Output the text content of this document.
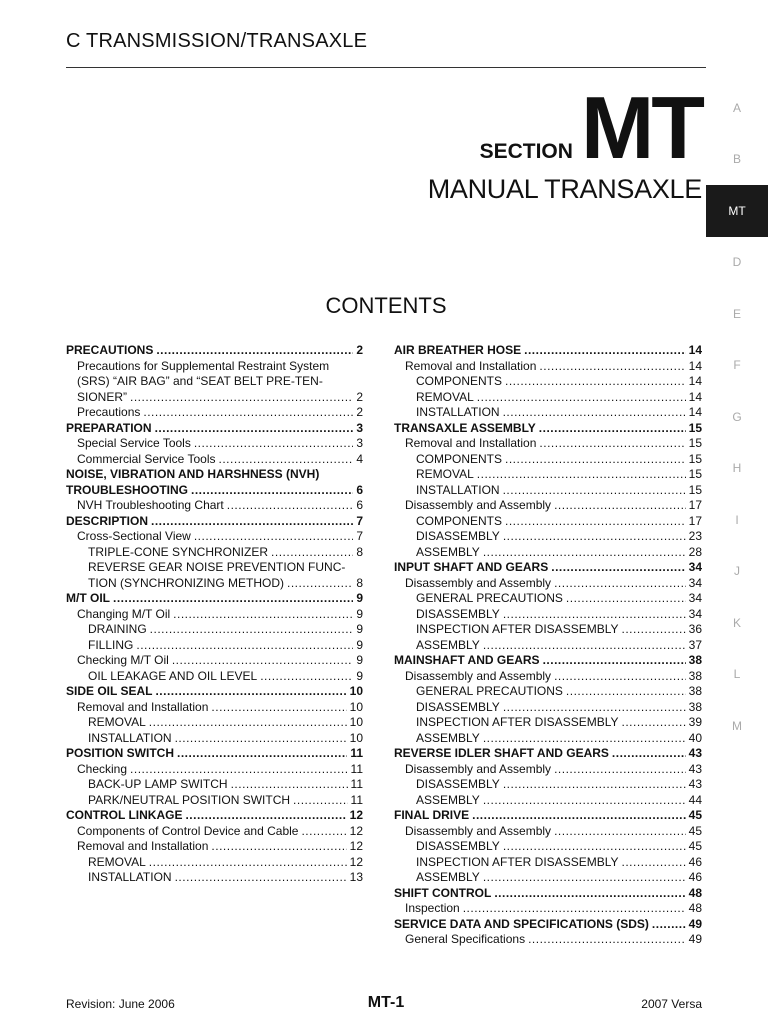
C TRANSMISSION/TRANSAXLE
SECTION MT
MANUAL TRANSAXLE
A
B
MT
D
E
F
G
H
I
J
K
L
M
CONTENTS
PRECAUTIONS .....	2
Precautions for Supplemental Restraint System
(SRS) “AIR BAG” and “SEAT BELT PRE-TEN-
SIONER” .....	2
Precautions .....	2
PREPARATION .....	3
Special Service Tools .....	3
Commercial Service Tools .....	4
NOISE, VIBRATION AND HARSHNESS (NVH)
TROUBLESHOOTING .....	6
NVH Troubleshooting Chart .....	6
DESCRIPTION .....	7
Cross-Sectional View .....	7
TRIPLE-CONE SYNCHRONIZER .....	8
REVERSE GEAR NOISE PREVENTION FUNC-
TION (SYNCHRONIZING METHOD) .....	8
M/T OIL .....	9
Changing M/T Oil .....	9
DRAINING .....	9
FILLING .....	9
Checking M/T Oil .....	9
OIL LEAKAGE AND OIL LEVEL .....	9
SIDE OIL SEAL .....	10
Removal and Installation .....	10
REMOVAL .....	10
INSTALLATION .....	10
POSITION SWITCH .....	11
Checking .....	11
BACK-UP LAMP SWITCH .....	11
PARK/NEUTRAL POSITION SWITCH .....	11
CONTROL LINKAGE .....	12
Components of Control Device and Cable .....	12
Removal and Installation .....	12
REMOVAL .....	12
INSTALLATION .....	13
AIR BREATHER HOSE .....	14
Removal and Installation .....	14
COMPONENTS .....	14
REMOVAL .....	14
INSTALLATION .....	14
TRANSAXLE ASSEMBLY .....	15
Removal and Installation .....	15
COMPONENTS .....	15
REMOVAL .....	15
INSTALLATION .....	15
Disassembly and Assembly .....	17
COMPONENTS .....	17
DISASSEMBLY .....	23
ASSEMBLY .....	28
INPUT SHAFT AND GEARS .....	34
Disassembly and Assembly .....	34
GENERAL PRECAUTIONS .....	34
DISASSEMBLY .....	34
INSPECTION AFTER DISASSEMBLY .....	36
ASSEMBLY .....	37
MAINSHAFT AND GEARS .....	38
Disassembly and Assembly .....	38
GENERAL PRECAUTIONS .....	38
DISASSEMBLY .....	38
INSPECTION AFTER DISASSEMBLY .....	39
ASSEMBLY .....	40
REVERSE IDLER SHAFT AND GEARS .....	43
Disassembly and Assembly .....	43
DISASSEMBLY .....	43
ASSEMBLY .....	44
FINAL DRIVE .....	45
Disassembly and Assembly .....	45
DISASSEMBLY .....	45
INSPECTION AFTER DISASSEMBLY .....	46
ASSEMBLY .....	46
SHIFT CONTROL .....	48
Inspection .....	48
SERVICE DATA AND SPECIFICATIONS (SDS) .....	49
General Specifications .....	49
Revision: June 2006	MT-1	2007 Versa
